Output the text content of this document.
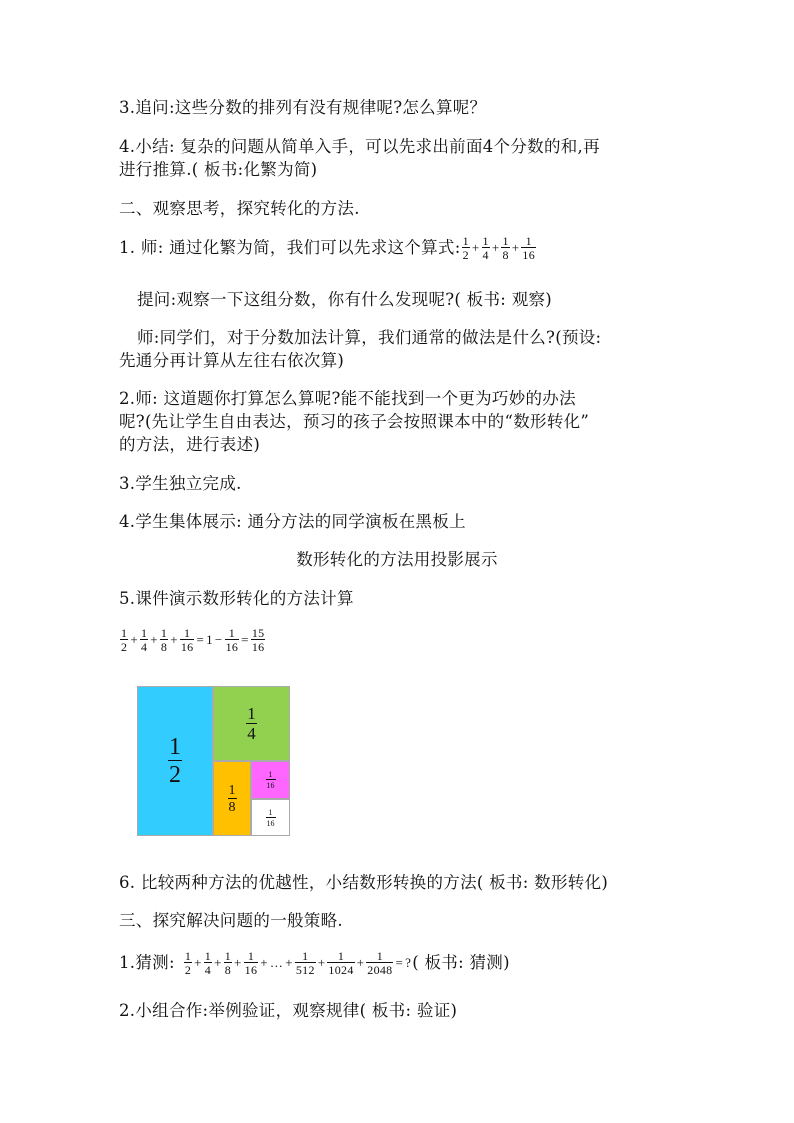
3.追问:这些分数的排列有没有规律呢?怎么算呢？
4.小结: 复杂的问题从简单入手，可以先求出前面4个分数的和,再
进行推算.( 板书:化繁为简)
二、观察思考，探究转化的方法.
1. 师: 通过化繁为简，我们可以先求这个算式: $\frac{1}{2} + \frac{1}{4} + \frac{1}{8} + \frac{1}{16}$
提问:观察一下这组分数，你有什么发现呢?( 板书: 观察)
师:同学们，对于分数加法计算，我们通常的做法是什么?(预设:
先通分再计算从左往右依次算)
2.师: 这道题你打算怎么算呢?能不能找到一个更为巧妙的办法
呢?(先让学生自由表达，预习的孩子会按照课本中的“数形转化”
的方法，进行表述)
3.学生独立完成.
4.学生集体展示: 通分方法的同学演板在黑板上
数形转化的方法用投影展示
5.课件演示数形转化的方法计算
$\frac{1}{2} + \frac{1}{4} + \frac{1}{8} + \frac{1}{16} = 1 - \frac{1}{16} = \frac{15}{16}$
$\frac{1}{2}$
$\frac{1}{4}$
$\frac{1}{8}$
$\frac{1}{16}$
$\frac{1}{16}$
6. 比较两种方法的优越性，小结数形转换的方法( 板书: 数形转化)
三、探究解决问题的一般策略.
1.猜测: $\frac{1}{2} + \frac{1}{4} + \frac{1}{8} + \frac{1}{16}$ + … + $\frac{1}{512} + \frac{1}{1024} + \frac{1}{2048}$ = ? ( 板书: 猜测)
2.小组合作:举例验证，观察规律( 板书: 验证)
